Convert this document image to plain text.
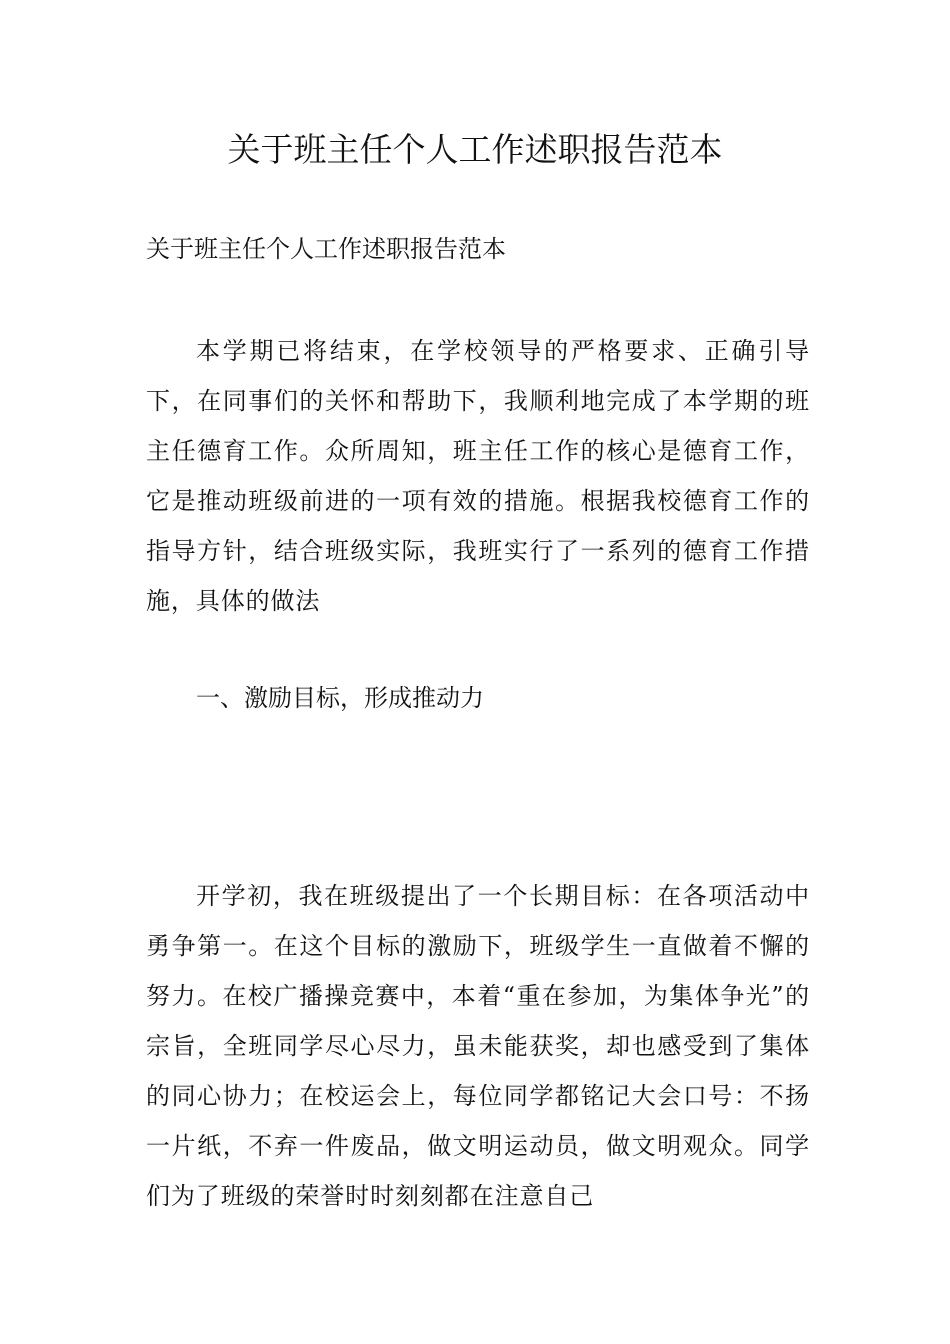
关于班主任个人工作述职报告范本

关于班主任个人工作述职报告范本

本学期已将结束，在学校领导的严格要求、正确引导下，在同事们的关怀和帮助下，我顺利地完成了本学期的班主任德育工作。众所周知，班主任工作的核心是德育工作，它是推动班级前进的一项有效的措施。根据我校德育工作的指导方针，结合班级实际，我班实行了一系列的德育工作措施，具体的做法

一、激励目标，形成推动力

开学初，我在班级提出了一个长期目标：在各项活动中勇争第一。在这个目标的激励下，班级学生一直做着不懈的努力。在校广播操竞赛中，本着“重在参加，为集体争光”的宗旨，全班同学尽心尽力，虽未能获奖，却也感受到了集体的同心协力；在校运会上，每位同学都铭记大会口号：不扬一片纸，不弃一件废品，做文明运动员，做文明观众。同学们为了班级的荣誉时时刻刻都在注意自己
